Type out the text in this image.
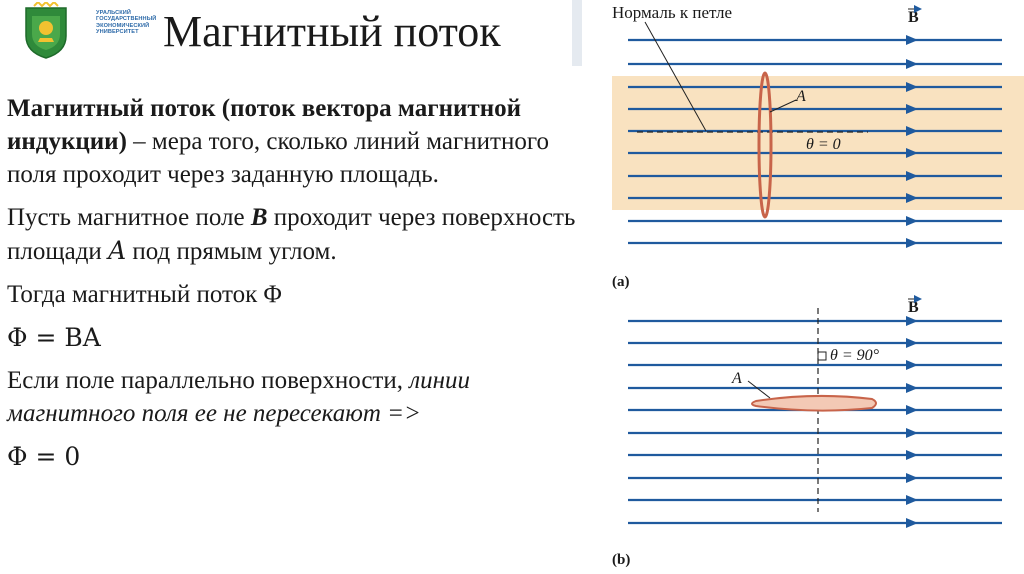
УРАЛЬСКИЙ ГОСУДАРСТВЕННЫЙ ЭКОНОМИЧЕСКИЙ УНИВЕРСИТЕТ Магнитный поток

Магнитный поток (поток вектора магнитной индукции) – мера того, сколько линий магнитного поля проходит через заданную площадь.

Пусть магнитное поле B проходит через поверхность площади A под прямым углом.

Тогда магнитный поток Φ

Φ = BA

Если поле параллельно поверхности, линии магнитного поля ее не пересекают =>

Φ = 0

Нормаль к петле	B
A
θ = 0
(a)
B
A
θ = 90°
(b)
